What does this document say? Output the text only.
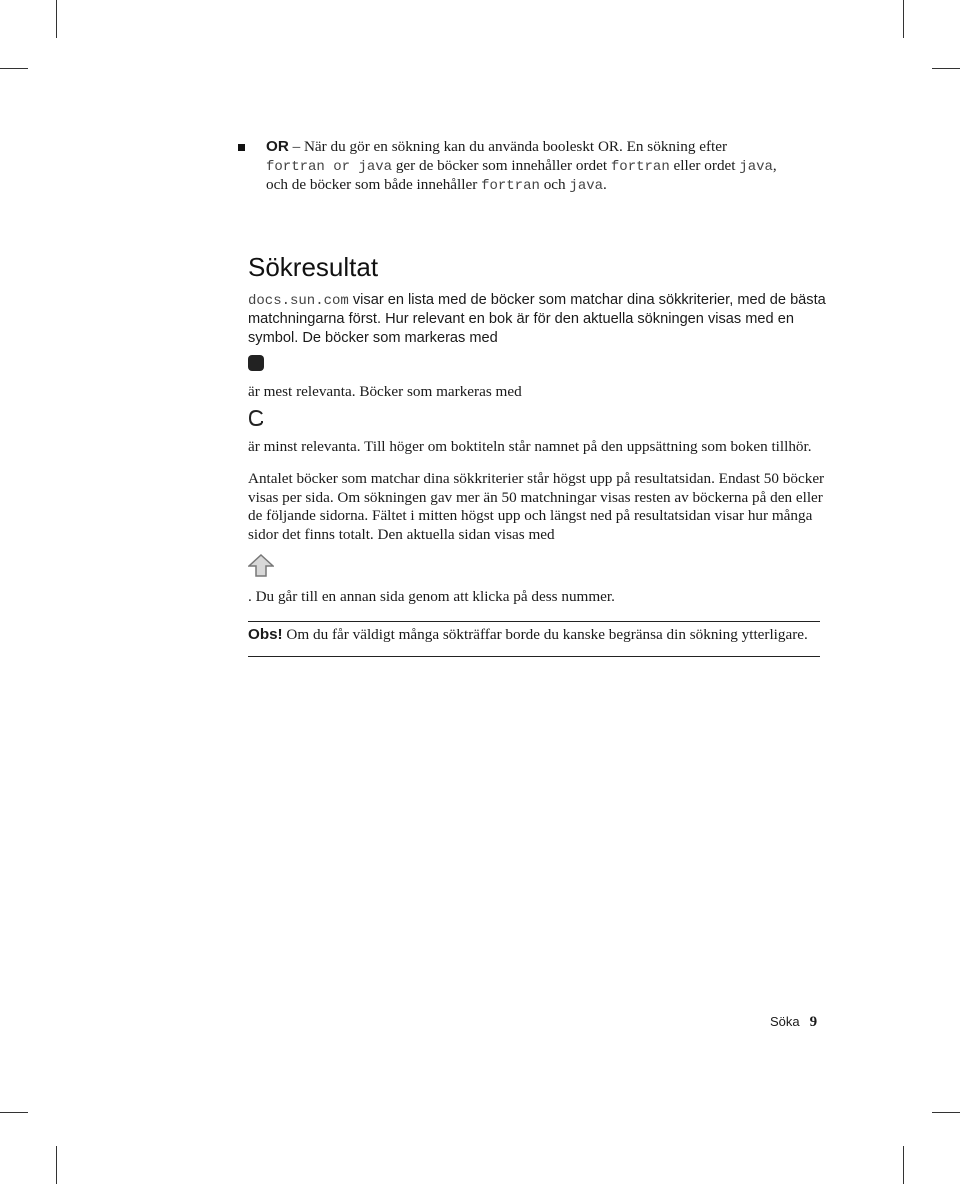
OR – När du gör en sökning kan du använda booleskt OR. En sökning efter
fortran or java ger de böcker som innehåller ordet fortran eller ordet java,
och de böcker som både innehåller fortran och java.

Sökresultat

docs.sun.com visar en lista med de böcker som matchar dina sökkriterier, med de bästa matchningarna först. Hur relevant en bok är för den aktuella sökningen visas med en symbol. De böcker som markeras med

är mest relevanta. Böcker som markeras med

är minst relevanta. Till höger om boktiteln står namnet på den uppsättning som boken tillhör.

Antalet böcker som matchar dina sökkriterier står högst upp på resultatsidan. Endast 50 böcker visas per sida. Om sökningen gav mer än 50 matchningar visas resten av böckerna på den eller de följande sidorna. Fältet i mitten högst upp och längst ned på resultatsidan visar hur många sidor det finns totalt. Den aktuella sidan visas med

. Du går till en annan sida genom att klicka på dess nummer.

Obs! Om du får väldigt många sökträffar borde du kanske begränsa din sökning ytterligare.

Söka 9
